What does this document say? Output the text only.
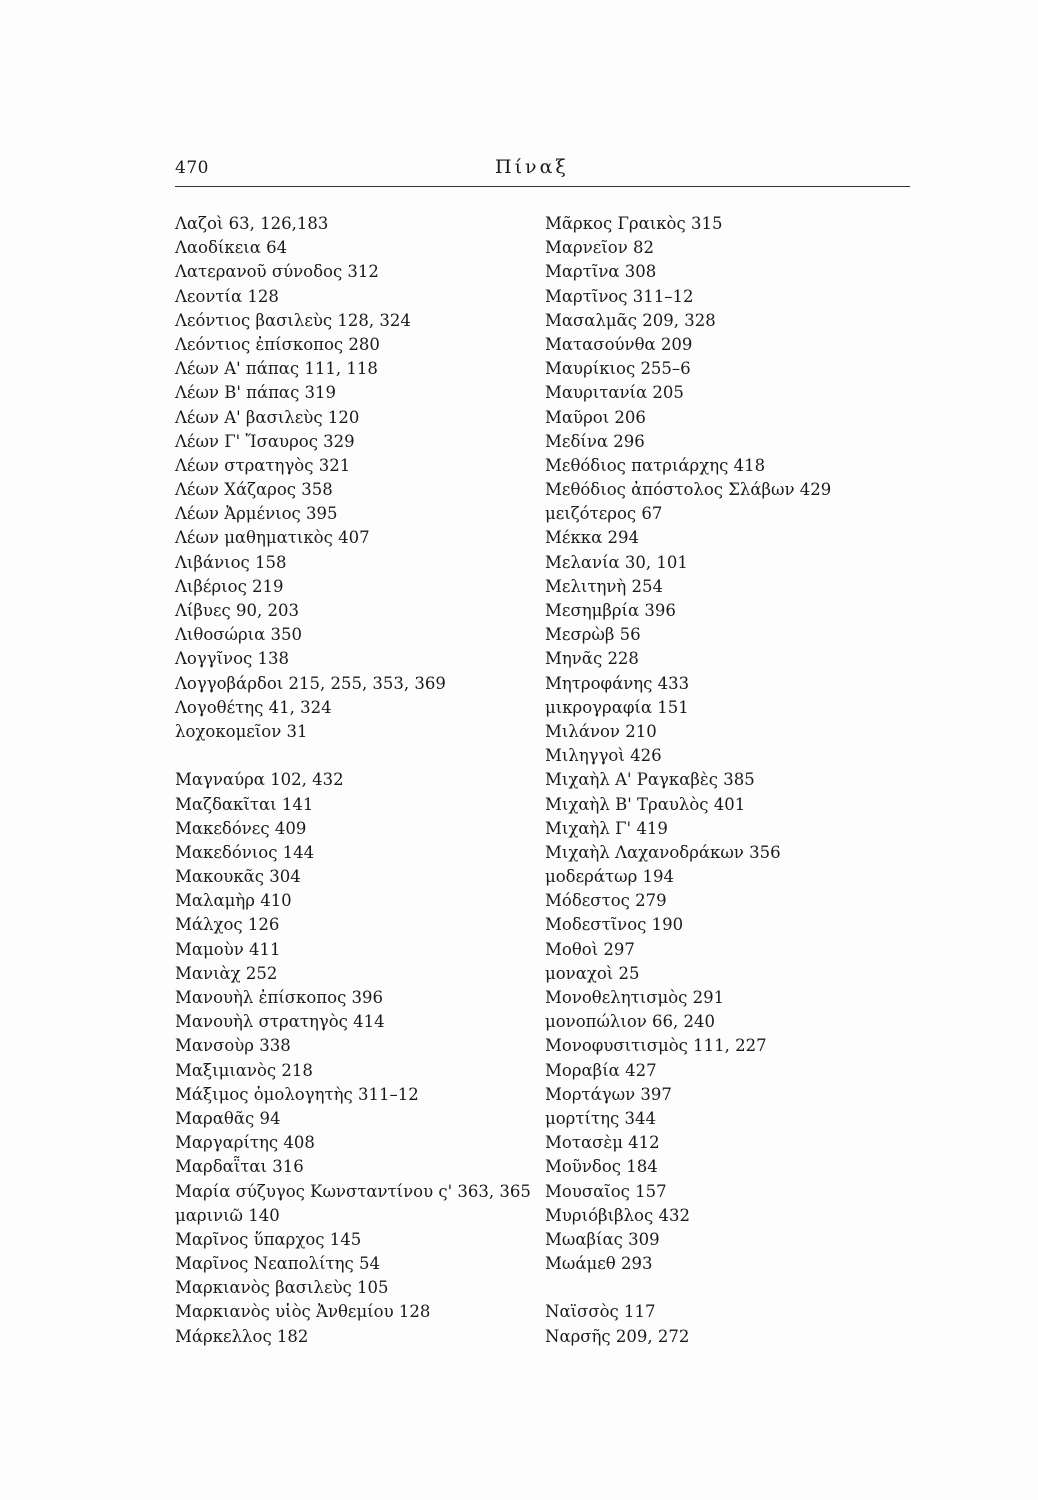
470	Πίναξ
Λαζοὶ 63, 126,183
Λαοδίκεια 64
Λατερανοῦ σύνοδος 312
Λεοντία 128
Λεόντιος βασιλεὺς 128, 324
Λεόντιος ἐπίσκοπος 280
Λέων Α' πάπας 111, 118
Λέων Β' πάπας 319
Λέων Α' βασιλεὺς 120
Λέων Γ' Ἴσαυρος 329
Λέων στρατηγὸς 321
Λέων Χάζαρος 358
Λέων Ἀρμένιος 395
Λέων μαθηματικὸς 407
Λιβάνιος 158
Λιβέριος 219
Λίβυες 90, 203
Λιθοσώρια 350
Λογγῖνος 138
Λογγοβάρδοι 215, 255, 353, 369
Λογοθέτης 41, 324
λοχοκομεῖον 31
Μαγναύρα 102, 432
Μαζδακῖται 141
Μακεδόνες 409
Μακεδόνιος 144
Μακουκᾶς 304
Μαλαμὴρ 410
Μάλχος 126
Μαμοὺν 411
Μανιὰχ 252
Μανουὴλ ἐπίσκοπος 396
Μανουὴλ στρατηγὸς 414
Μανσοὺρ 338
Μαξιμιανὸς 218
Μάξιμος ὁμολογητὴς 311–12
Μαραθᾶς 94
Μαργαρίτης 408
Μαρδαῗται 316
Μαρία σύζυγος Κωνσταντίνου ς' 363, 365
μαρινιῶ 140
Μαρῖνος ὕπαρχος 145
Μαρῖνος Νεαπολίτης 54
Μαρκιανὸς βασιλεὺς 105
Μαρκιανὸς υἱὸς Ἀνθεμίου 128
Μάρκελλος 182
Μᾶρκος Γραικὸς 315
Μαρνεῖον 82
Μαρτῖνα 308
Μαρτῖνος 311–12
Μασαλμᾶς 209, 328
Ματασούνθα 209
Μαυρίκιος 255–6
Μαυριτανία 205
Μαῦροι 206
Μεδίνα 296
Μεθόδιος πατριάρχης 418
Μεθόδιος ἀπόστολος Σλάβων 429
μειζότερος 67
Μέκκα 294
Μελανία 30, 101
Μελιτηνὴ 254
Μεσημβρία 396
Μεσρὼβ 56
Μηνᾶς 228
Μητροφάνης 433
μικρογραφία 151
Μιλάνον 210
Μιληγγοὶ 426
Μιχαὴλ Α' Ραγκαβὲς 385
Μιχαὴλ Β' Τραυλὸς 401
Μιχαὴλ Γ' 419
Μιχαὴλ Λαχανοδράκων 356
μοδεράτωρ 194
Μόδεστος 279
Μοδεστῖνος 190
Μοθοὶ 297
μοναχοὶ 25
Μονοθελητισμὸς 291
μονοπώλιον 66, 240
Μονοφυσιτισμὸς 111, 227
Μοραβία 427
Μορτάγων 397
μορτίτης 344
Μοτασὲμ 412
Μοῦνδος 184
Μουσαῖος 157
Μυριόβιβλος 432
Μωαβίας 309
Μωάμεθ 293
Ναϊσσὸς 117
Ναρσῆς 209, 272
